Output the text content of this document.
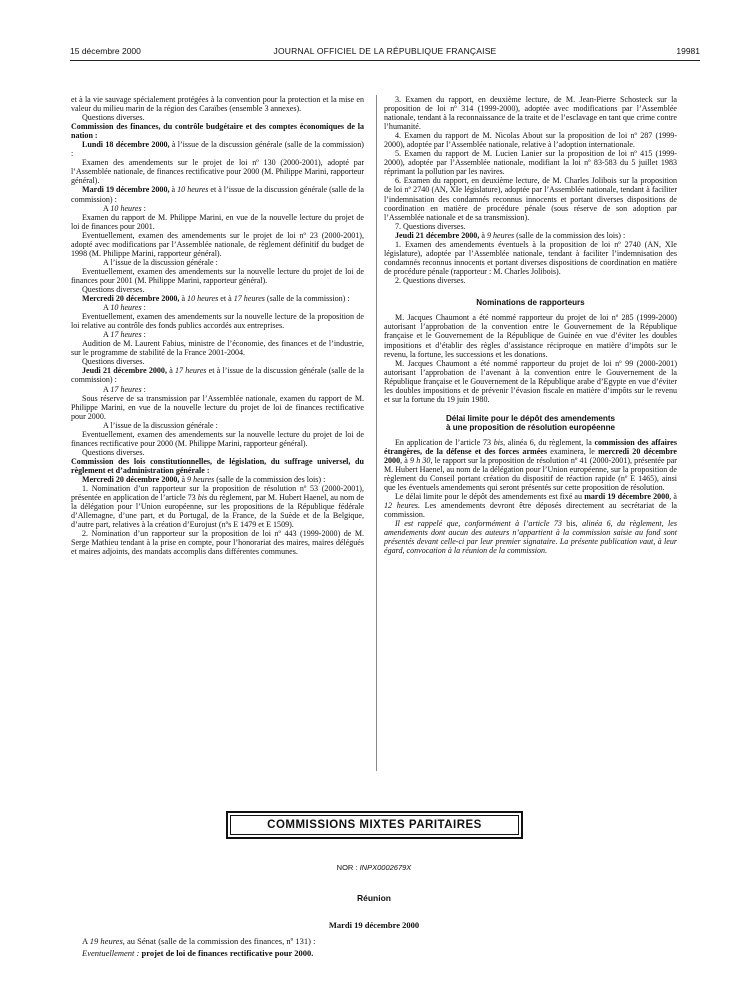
15 décembre 2000	JOURNAL OFFICIEL DE LA RÉPUBLIQUE FRANÇAISE	19981

et à la vie sauvage spécialement protégées à la convention pour la protection et la mise en valeur du milieu marin de la région des Caraïbes (ensemble 3 annexes).

Questions diverses.

Commission des finances, du contrôle budgétaire et des comptes économiques de la nation :

Lundi 18 décembre 2000, à l’issue de la discussion générale (salle de la commission) :

Examen des amendements sur le projet de loi nº 130 (2000-2001), adopté par l’Assemblée nationale, de finances rectificative pour 2000 (M. Philippe Marini, rapporteur général).

Mardi 19 décembre 2000, à 10 heures et à l’issue de la discussion générale (salle de la commission) :

A 10 heures :

Examen du rapport de M. Philippe Marini, en vue de la nouvelle lecture du projet de loi de finances pour 2001.

Eventuellement, examen des amendements sur le projet de loi nº 23 (2000-2001), adopté avec modifications par l’Assemblée nationale, de règlement définitif du budget de 1998 (M. Philippe Marini, rapporteur général).

A l’issue de la discussion générale :

Eventuellement, examen des amendements sur la nouvelle lecture du projet de loi de finances pour 2001 (M. Philippe Marini, rapporteur général).

Questions diverses.

Mercredi 20 décembre 2000, à 10 heures et à 17 heures (salle de la commission) :

A 10 heures :

Eventuellement, examen des amendements sur la nouvelle lecture de la proposition de loi relative au contrôle des fonds publics accordés aux entreprises.

A 17 heures :

Audition de M. Laurent Fabius, ministre de l’économie, des finances et de l’industrie, sur le programme de stabilité de la France 2001-2004.

Questions diverses.

Jeudi 21 décembre 2000, à 17 heures et à l’issue de la discussion générale (salle de la commission) :

A 17 heures :

Sous réserve de sa transmission par l’Assemblée nationale, examen du rapport de M. Philippe Marini, en vue de la nouvelle lecture du projet de loi de finances rectificative pour 2000.

A l’issue de la discussion générale :

Eventuellement, examen des amendements sur la nouvelle lecture du projet de loi de finances rectificative pour 2000 (M. Philippe Marini, rapporteur général).

Questions diverses.

Commission des lois constitutionnelles, de législation, du suffrage universel, du règlement et d’administration générale :

Mercredi 20 décembre 2000, à 9 heures (salle de la commission des lois) :

1. Nomination d’un rapporteur sur la proposition de résolution nº 53 (2000-2001), présentée en application de l’article 73 bis du règlement, par M. Hubert Haenel, au nom de la délégation pour l’Union européenne, sur les propositions de la République fédérale d’Allemagne, d’une part, et du Portugal, de la France, de la Suède et de la Belgique, d’autre part, relatives à la création d’Eurojust (nºs E 1479 et E 1509).

2. Nomination d’un rapporteur sur la proposition de loi nº 443 (1999-2000) de M. Serge Mathieu tendant à la prise en compte, pour l’honorariat des maires, maires délégués et maires adjoints, des mandats accomplis dans différentes communes.

3. Examen du rapport, en deuxième lecture, de M. Jean-Pierre Schosteck sur la proposition de loi nº 314 (1999-2000), adoptée avec modifications par l’Assemblée nationale, tendant à la reconnaissance de la traite et de l’esclavage en tant que crime contre l’humanité.

4. Examen du rapport de M. Nicolas About sur la proposition de loi nº 287 (1999-2000), adoptée par l’Assemblée nationale, relative à l’adoption internationale.

5. Examen du rapport de M. Lucien Lanier sur la proposition de loi nº 415 (1999-2000), adoptée par l’Assemblée nationale, modifiant la loi nº 83-583 du 5 juillet 1983 réprimant la pollution par les navires.

6. Examen du rapport, en deuxième lecture, de M. Charles Jolibois sur la proposition de loi nº 2740 (AN, XIe législature), adoptée par l’Assemblée nationale, tendant à faciliter l’indemnisation des condamnés reconnus innocents et portant diverses dispositions de coordination en matière de procédure pénale (sous réserve de son adoption par l’Assemblée nationale et de sa transmission).

7. Questions diverses.

Jeudi 21 décembre 2000, à 9 heures (salle de la commission des lois) :

1. Examen des amendements éventuels à la proposition de loi nº 2740 (AN, XIe législature), adoptée par l’Assemblée nationale, tendant à faciliter l’indemnisation des condamnés reconnus innocents et portant diverses dispositions de coordination en matière de procédure pénale (rapporteur : M. Charles Jolibois).

2. Questions diverses.

Nominations de rapporteurs

M. Jacques Chaumont a été nommé rapporteur du projet de loi nº 285 (1999-2000) autorisant l’approbation de la convention entre le Gouvernement de la République française et le Gouvernement de la République de Guinée en vue d’éviter les doubles impositions et d’établir des règles d’assistance réciproque en matière d’impôts sur le revenu, la fortune, les successions et les donations.

M. Jacques Chaumont a été nommé rapporteur du projet de loi nº 99 (2000-2001) autorisant l’approbation de l’avenant à la convention entre le Gouvernement de la République française et le Gouvernement de la République arabe d’Egypte en vue d’éviter les doubles impositions et de prévenir l’évasion fiscale en matière d’impôts sur le revenu et sur la fortune du 19 juin 1980.

Délai limite pour le dépôt des amendements
à une proposition de résolution européenne

En application de l’article 73 bis, alinéa 6, du règlement, la commission des affaires étrangères, de la défense et des forces armées examinera, le mercredi 20 décembre 2000, à 9 h 30, le rapport sur la proposition de résolution nº 41 (2000-2001), présentée par M. Hubert Haenel, au nom de la délégation pour l’Union européenne, sur la proposition de règlement du Conseil portant création du dispositif de réaction rapide (nº E 1465), ainsi que les éventuels amendements qui seront présentés sur cette proposition de résolution.

Le délai limite pour le dépôt des amendements est fixé au mardi 19 décembre 2000, à 12 heures. Les amendements devront être déposés directement au secrétariat de la commission.

Il est rappelé que, conformément à l’article 73 bis, alinéa 6, du règlement, les amendements dont aucun des auteurs n’appartient à la commission saisie au fond sont présentés devant celle-ci par leur premier signataire. La présente publication vaut, à leur égard, convocation à la réunion de la commission.

COMMISSIONS MIXTES PARITAIRES
NOR : INPX0002679X
Réunion
Mardi 19 décembre 2000
A 19 heures, au Sénat (salle de la commission des finances, nº 131) :
Eventuellement : projet de loi de finances rectificative pour 2000.
